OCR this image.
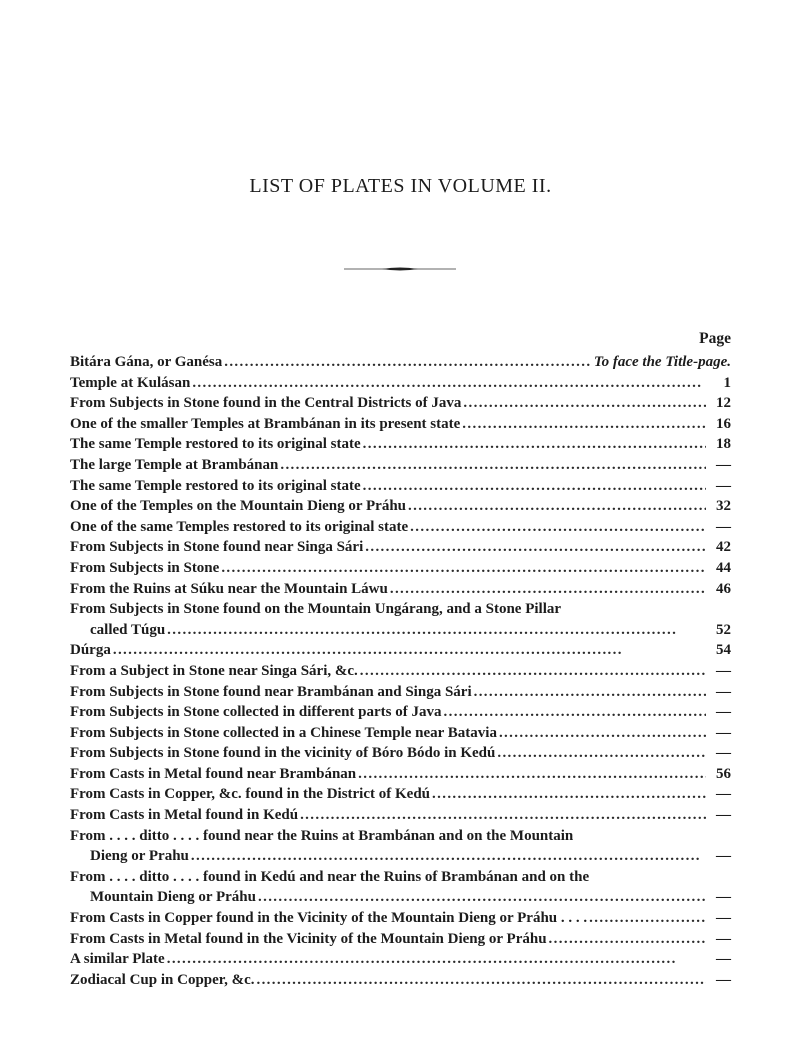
LIST OF PLATES IN VOLUME II.
Page
Bitára Gána, or Ganésa . . .	To face the Title-page.
Temple at Kulásan . . .	1
From Subjects in Stone found in the Central Districts of Java . . .	12
One of the smaller Temples at Brambánan in its present state . . .	16
The same Temple restored to its original state . . .	18
The large Temple at Brambánan . . .	—
The same Temple restored to its original state . . .	—
One of the Temples on the Mountain Dieng or Práhu . . .	32
One of the same Temples restored to its original state . . .	—
From Subjects in Stone found near Singa Sári . . .	42
From Subjects in Stone . . .	44
From the Ruins at Súku near the Mountain Láwu . . .	46
From Subjects in Stone found on the Mountain Ungárang, and a Stone Pillar
called Túgu . . .	52
Dúrga . . .	54
From a Subject in Stone near Singa Sári, &c. . . .	—
From Subjects in Stone found near Brambánan and Singa Sári . . .	—
From Subjects in Stone collected in different parts of Java . . .	—
From Subjects in Stone collected in a Chinese Temple near Batavia . . .	—
From Subjects in Stone found in the vicinity of Bóro Bódo in Kedú . . .	—
From Casts in Metal found near Brambánan . . .	56
From Casts in Copper, &c. found in the District of Kedú . . .	—
From Casts in Metal found in Kedú . . .	—
From . . . . ditto . . . . found near the Ruins at Brambánan and on the Mountain
Dieng or Prahu . . .	—
From . . . . ditto . . . . found in Kedú and near the Ruins of Brambánan and on the
Mountain Dieng or Práhu . . .	—
From Casts in Copper found in the Vicinity of the Mountain Dieng or Práhu . . . . . . .	—
From Casts in Metal found in the Vicinity of the Mountain Dieng or Práhu . . .	—
A similar Plate . . .	—
Zodiacal Cup in Copper, &c. . . .	—
